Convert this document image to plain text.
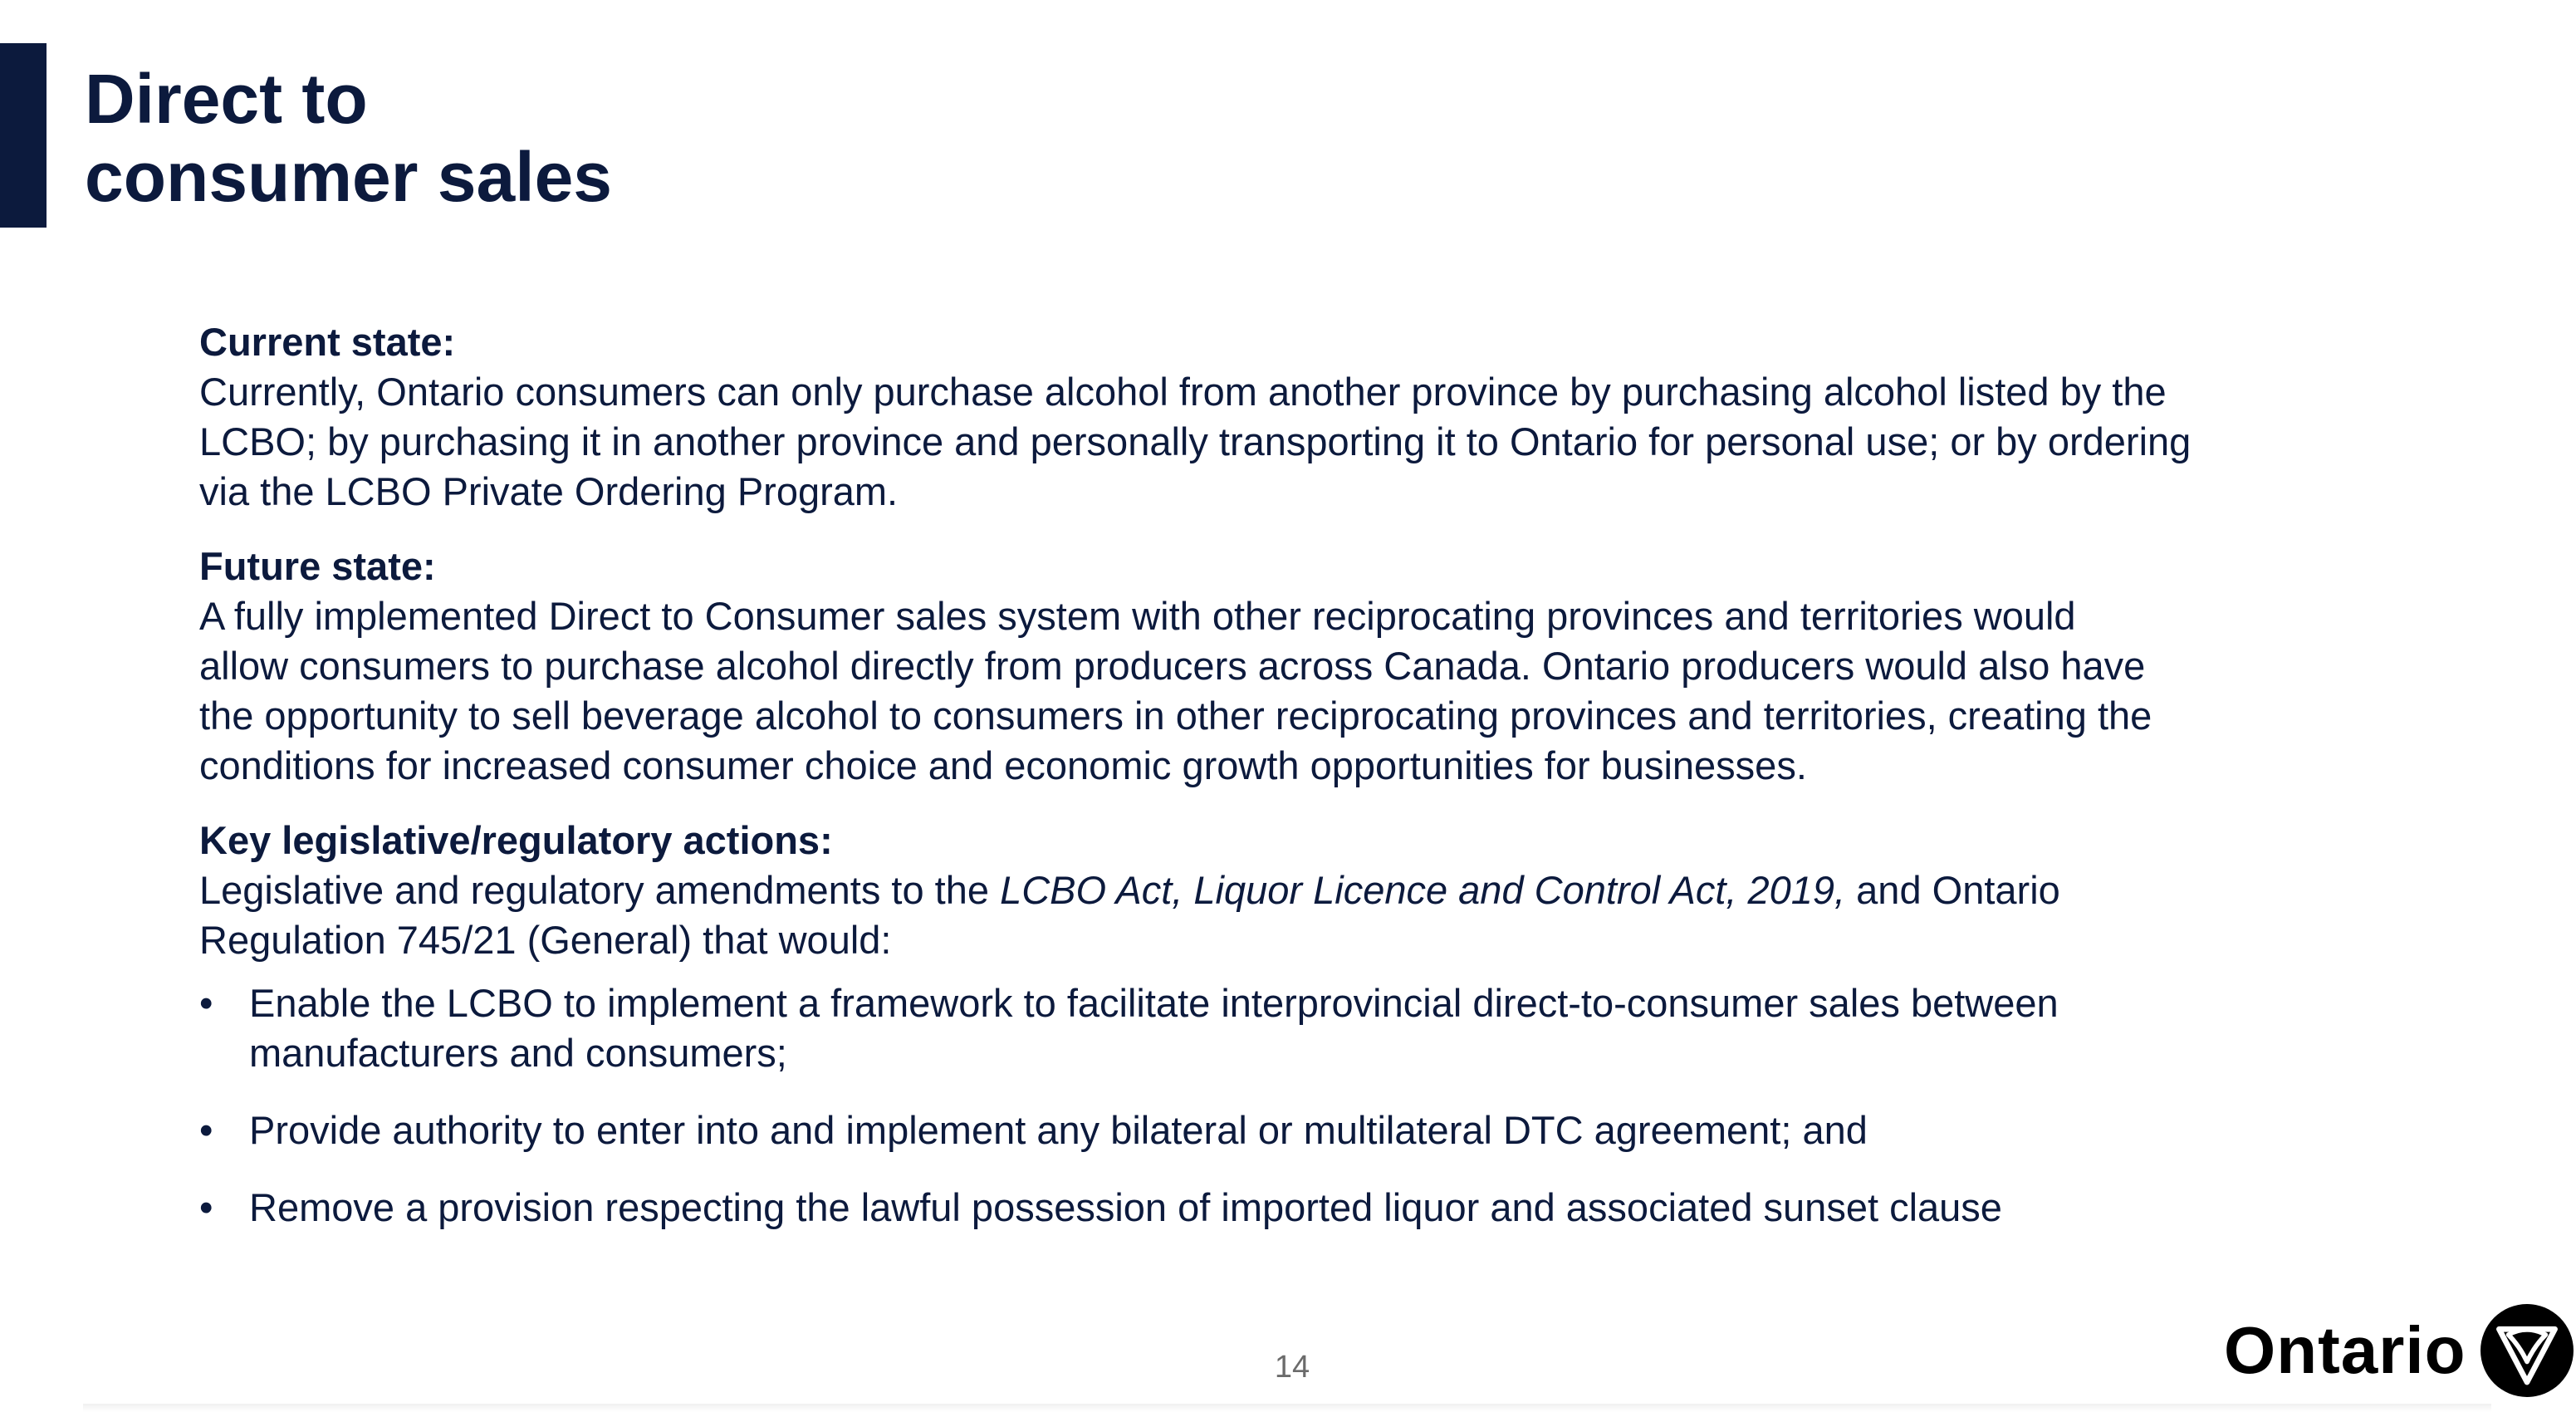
Direct to
consumer sales

Current state:

Currently, Ontario consumers can only purchase alcohol from another province by purchasing alcohol listed by the
LCBO; by purchasing it in another province and personally transporting it to Ontario for personal use; or by ordering
via the LCBO Private Ordering Program.

Future state:

A fully implemented Direct to Consumer sales system with other reciprocating provinces and territories would
allow consumers to purchase alcohol directly from producers across Canada. Ontario producers would also have
the opportunity to sell beverage alcohol to consumers in other reciprocating provinces and territories, creating the
conditions for increased consumer choice and economic growth opportunities for businesses.

Key legislative/regulatory actions:

Legislative and regulatory amendments to the LCBO Act, Liquor Licence and Control Act, 2019, and Ontario
Regulation 745/21 (General) that would:

• Enable the LCBO to implement a framework to facilitate interprovincial direct-to-consumer sales between
manufacturers and consumers;
• Provide authority to enter into and implement any bilateral or multilateral DTC agreement; and
• Remove a provision respecting the lawful possession of imported liquor and associated sunset clause
14	Ontario
